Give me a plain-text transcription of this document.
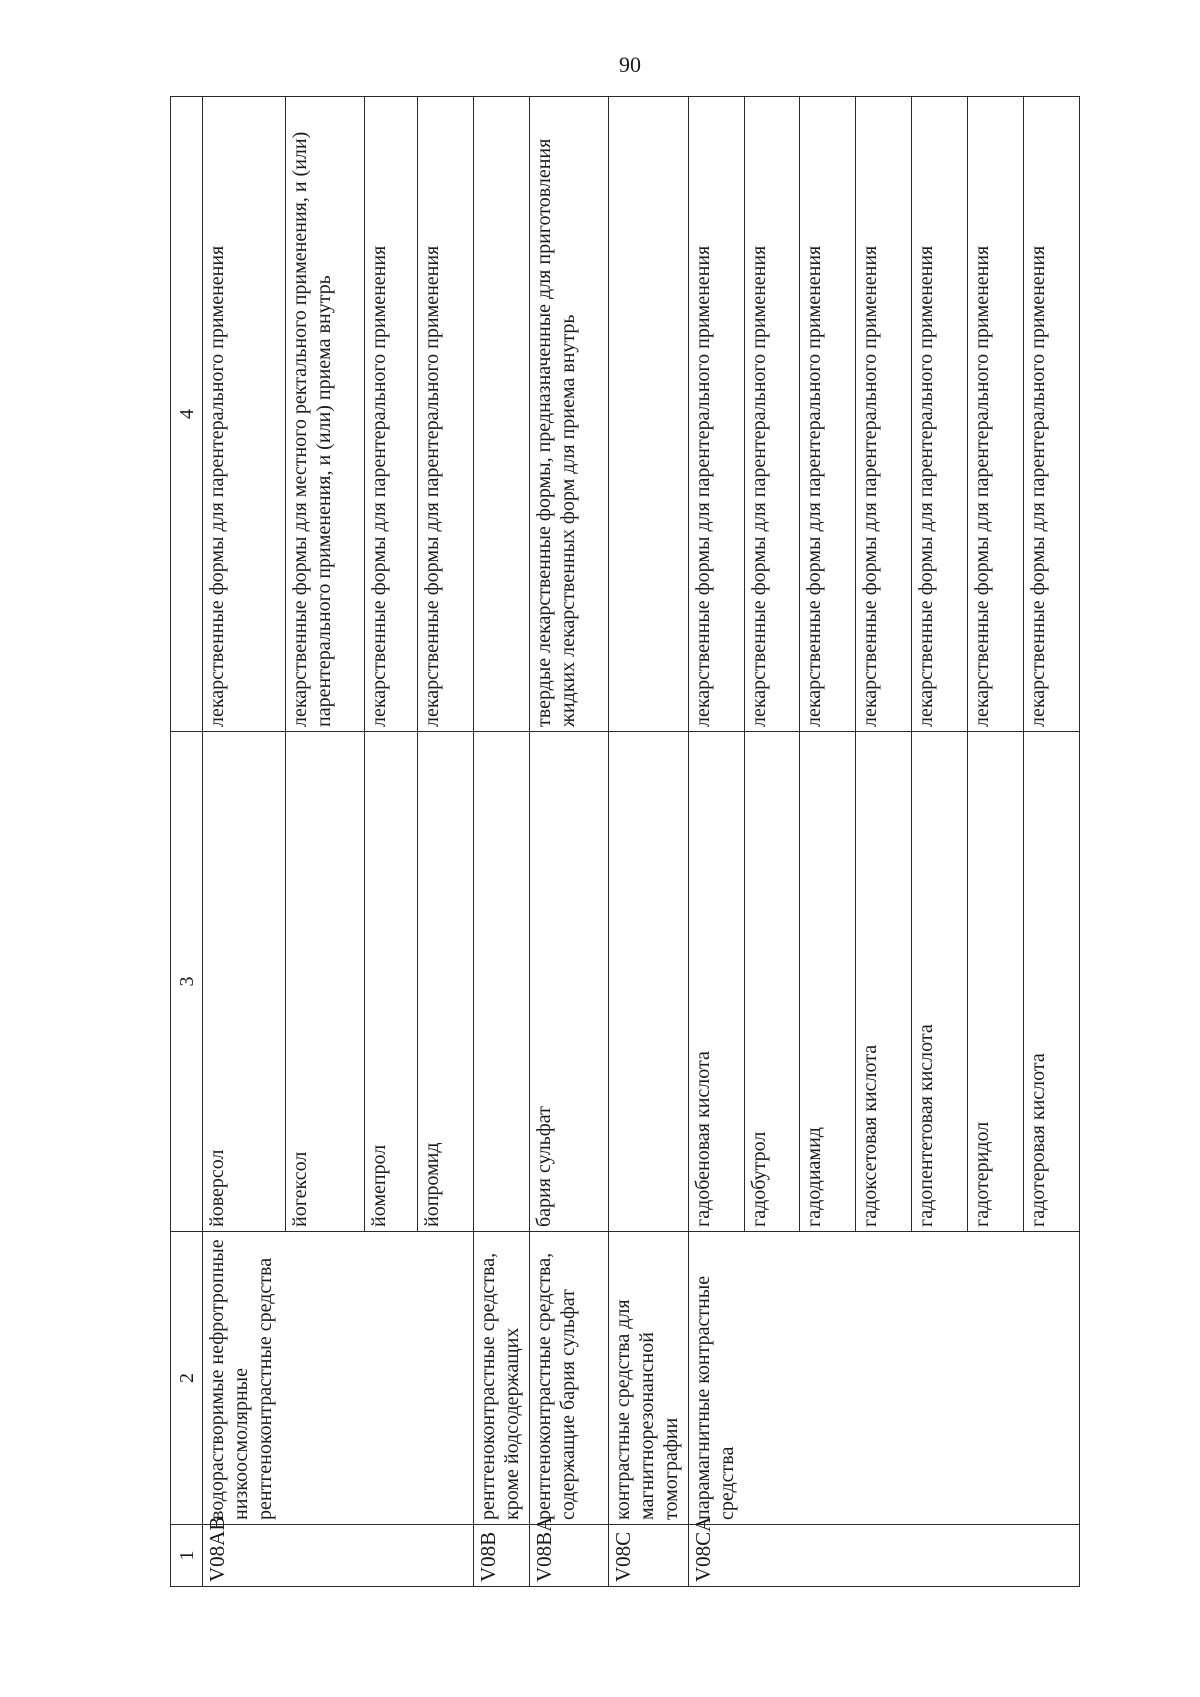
90
1	2	3	4
V08AB	водорастворимые нефротропные низкоосмолярные рентгеноконтрастные средства	йоверсол	лекарственные формы для парентерального применения
		йогексол	лекарственные формы для местного ректального применения, и (или) парентерального применения, и (или) приема внутрь
		йомепрол	лекарственные формы для парентерального применения
		йопромид	лекарственные формы для парентерального применения
V08B	рентгеноконтрастные средства, кроме йодсодержащих		
V08BA	рентгеноконтрастные средства, содержащие бария сульфат	бария сульфат	твердые лекарственные формы, предназначенные для приготовления жидких лекарственных форм для приема внутрь
V08C	контрастные средства для магнитнорезонансной томографии		
V08CA	парамагнитные контрастные средства	гадобеновая кислота	лекарственные формы для парентерального применения
		гадобутрол	лекарственные формы для парентерального применения
		гадодиамид	лекарственные формы для парентерального применения
		гадоксетовая кислота	лекарственные формы для парентерального применения
		гадопентетовая кислота	лекарственные формы для парентерального применения
		гадотеридол	лекарственные формы для парентерального применения
		гадотеровая кислота	лекарственные формы для парентерального применения
